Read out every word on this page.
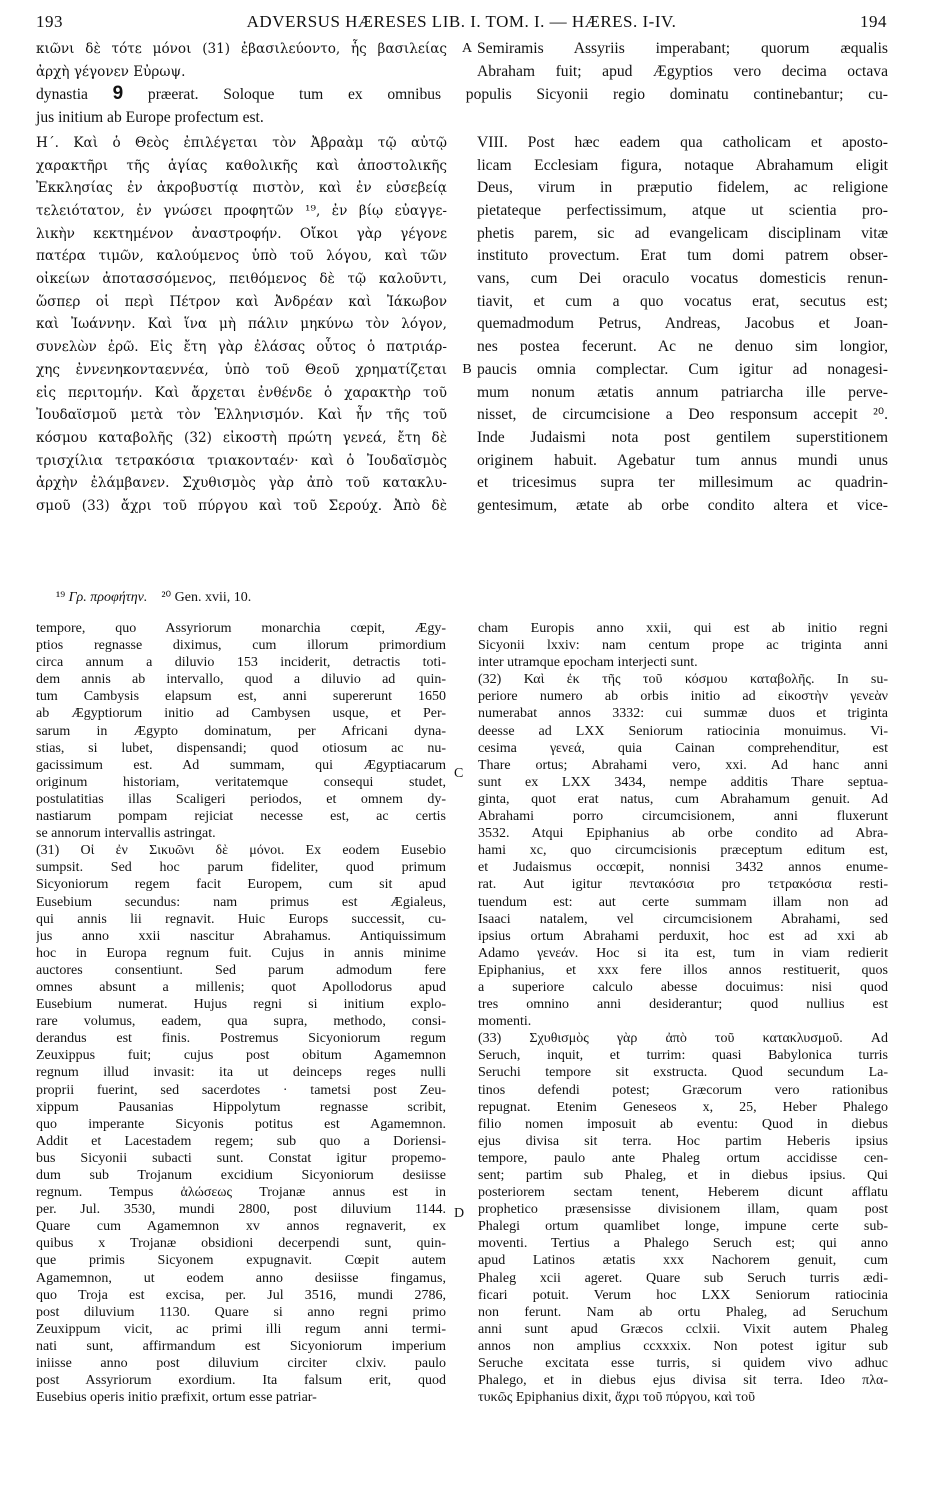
193	ADVERSUS HÆRESES LIB. I. TOM. I. — HÆRES. I-IV.	194
κιῶνι δὲ τότε μόνοι (31) ἐβασιλεύοντο, ἧς βασιλείας	A Semiramis Assyriis imperabant; quorum æqualis
ἀρχὴ γέγονεν Εὐρωψ.	Abraham fuit; apud Ægyptios vero decima octava
dynastia 9 præerat. Soloque tum ex omnibus populis Sicyonii regio dominatu continebantur; cu-
jus initium ab Europe profectum est.
Η΄. Καὶ ὁ Θεὸς ἐπιλέγεται τὸν Ἀβραὰμ τῷ αὐτῷ	VIII. Post hæc eadem qua catholicam et aposto-
χαρακτῆρι τῆς ἁγίας καθολικῆς καὶ ἀποστολικῆς	licam Ecclesiam figura, notaque Abrahamum eligit
Ἐκκλησίας ἐν ἀκροβυστίᾳ πιστὸν, καὶ ἐν εὐσεβείᾳ	Deus, virum in præputio fidelem, ac religione
τελειότατον, ἐν γνώσει προφητῶν ¹⁹, ἐν βίῳ εὐαγγε-	pietateque perfectissimum, atque ut scientia pro-
λικὴν κεκτημένον ἀναστροφήν. Οἴκοι γὰρ γέγονε	phetis parem, sic ad evangelicam disciplinam vitæ
πατέρα τιμῶν, καλούμενος ὑπὸ τοῦ λόγου, καὶ τῶν	instituto provectum. Erat tum domi patrem obser-
οἰκείων ἀποτασσόμενος, πειθόμενος δὲ τῷ καλοῦντι,	vans, cum Dei oraculo vocatus domesticis renun-
ὥσπερ οἱ περὶ Πέτρον καὶ Ἀνδρέαν καὶ Ἰάκωβον	tiavit, et cum a quo vocatus erat, secutus est;
καὶ Ἰωάννην. Καὶ ἵνα μὴ πάλιν μηκύνω τὸν λόγον,	quemadmodum Petrus, Andreas, Jacobus et Joan-
συνελὼν ἐρῶ. Εἰς ἔτη γὰρ ἐλάσας οὗτος ὁ πατριάρ-	nes postea fecerunt. Ac ne denuo sim longior,
χης ἐννενηκονταεννέα, ὑπὸ τοῦ Θεοῦ χρηματίζεται	B paucis omnia complectar. Cum igitur ad nonagesi-
εἰς περιτομήν. Καὶ ἄρχεται ἐνθένδε ὁ χαρακτὴρ τοῦ	mum nonum ætatis annum patriarcha ille perve-
Ἰουδαϊσμοῦ μετὰ τὸν Ἑλληνισμόν. Καὶ ἦν τῆς τοῦ	nisset, de circumcisione a Deo responsum accepit ²⁰.
κόσμου καταβολῆς (32) εἰκοστὴ πρώτη γενεά, ἔτη δὲ	Inde Judaismi nota post gentilem superstitionem
τρισχίλια τετρακόσια τριακονταέν· καὶ ὁ Ἰουδαϊσμὸς	originem habuit. Agebatur tum annus mundi unus
ἀρχὴν ἐλάμβανεν. Σχυθισμὸς γὰρ ἀπὸ τοῦ κατακλυ-	et tricesimus supra ter millesimum ac quadrin-
σμοῦ (33) ἄχρι τοῦ πύργου καὶ τοῦ Σερούχ. Ἀπὸ δὲ	gentesimum, ætate ab orbe condito altera et vice-
¹⁹ Γρ. προφήτην. ²⁰ Gen. xvii, 10.
tempore, quo Assyriorum monarchia cœpit, Ægy-
ptios regnasse diximus, cum illorum primordium
circa annum a diluvio 153 inciderit, detractis toti-
dem annis ab intervallo, quod a diluvio ad quin-
tum Cambysis elapsum est, anni supererunt 1650
ab Ægyptiorum initio ad Cambysen usque, et Per-
sarum in Ægypto dominatum, per Africani dyna-
stias, si lubet, dispensandi; quod otiosum ac nu-
gacissimum est. Ad summam, qui Ægyptiacarum
originum historiam, veritatemque consequi studet,
postulatitias illas Scaligeri periodos, et omnem dy-
nastiarum pompam rejiciat necesse est, ac certis
se annorum intervallis astringat.
(31) Οἱ ἐν Σικυῶνι δὲ μόνοι. Ex eodem Eusebio
sumpsit. Sed hoc parum fideliter, quod primum
Sicyoniorum regem facit Europem, cum sit apud
Eusebium secundus: nam primus est Ægialeus,
qui annis lii regnavit. Huic Europs successit, cu-
jus anno xxii nascitur Abrahamus. Antiquissimum
hoc in Europa regnum fuit. Cujus in annis minime
auctores consentiunt. Sed parum admodum fere
omnes absunt a millenis; quot Apollodorus apud
Eusebium numerat. Hujus regni si initium explo-
rare volumus, eadem, qua supra, methodo, consi-
derandus est finis. Postremus Sicyoniorum regum
Zeuxippus fuit; cujus post obitum Agamemnon
regnum illud invasit: ita ut deinceps reges nulli
proprii fuerint, sed sacerdotes · tametsi post Zeu-
xippum Pausanias Hippolytum regnasse scribit,
quo imperante Sicyonis potitus est Agamemnon.
Addit et Lacestadem regem; sub quo a Doriensi-
bus Sicyonii subacti sunt. Constat igitur propemo-
dum sub Trojanum excidium Sicyoniorum desiisse
regnum. Tempus ἁλώσεως Trojanæ annus est in
per. Jul. 3530, mundi 2800, post diluvium 1144.
Quare cum Agamemnon xv annos regnaverit, ex
quibus x Trojanæ obsidioni decerpendi sunt, quin-
que primis Sicyonem expugnavit. Cœpit autem
Agamemnon, ut eodem anno desiisse fingamus,
quo Troja est excisa, per. Jul 3516, mundi 2786,
post diluvium 1130. Quare si anno regni primo
Zeuxippum vicit, ac primi illi regum anni termi-
nati sunt, affirmandum est Sicyoniorum imperium
iniisse anno post diluvium circiter clxiv. paulo
post Assyriorum exordium. Ita falsum erit, quod
Eusebius operis initio præfixit, ortum esse patriar-
C
D
cham Europis anno xxii, qui est ab initio regni
Sicyonii lxxiv: nam centum prope ac triginta anni
inter utramque epocham interjecti sunt.
(32) Καὶ ἐκ τῆς τοῦ κόσμου καταβολῆς. In su-
periore numero ab orbis initio ad εἰκοστὴν γενεὰν
numerabat annos 3332: cui summæ duos et triginta
deesse ad LXX Seniorum ratiocinia monuimus. Vi-
cesima γενεά, quia Cainan comprehenditur, est
Thare ortus; Abrahami vero, xxi. Ad hanc anni
sunt ex LXX 3434, nempe additis Thare septua-
ginta, quot erat natus, cum Abrahamum genuit. Ad
Abrahami porro circumcisionem, anni fluxerunt
3532. Atqui Epiphanius ab orbe condito ad Abra-
hami xc, quo circumcisionis præceptum editum est,
et Judaismus occœpit, nonnisi 3432 annos enume-
rat. Aut igitur πεντακόσια pro τετρακόσια resti-
tuendum est: aut certe summam illam non ad
Isaaci natalem, vel circumcisionem Abrahami, sed
ipsius ortum Abrahami perduxit, hoc est ad xxi ab
Adamo γενεάν. Hoc si ita est, tum in viam redierit
Epiphanius, et xxx fere illos annos restituerit, quos
a superiore calculo abesse docuimus: nisi quod
tres omnino anni desiderantur; quod nullius est
momenti.
(33) Σχυθισμὸς γὰρ ἀπὸ τοῦ κατακλυσμοῦ. Ad
Seruch, inquit, et turrim: quasi Babylonica turris
Seruchi tempore sit exstructa. Quod secundum La-
tinos defendi potest; Græcorum vero rationibus
repugnat. Etenim Geneseos x, 25, Heber Phalego
filio nomen imposuit ab eventu: Quod in diebus
ejus divisa sit terra. Hoc partim Heberis ipsius
tempore, paulo ante Phaleg ortum accidisse cen-
sent; partim sub Phaleg, et in diebus ipsius. Qui
posteriorem sectam tenent, Heberem dicunt afflatu
prophetico præsensisse divisionem illam, quam post
Phalegi ortum quamlibet longe, impune certe sub-
moventi. Tertius a Phalego Seruch est; qui anno
apud Latinos ætatis xxx Nachorem genuit, cum
Phaleg xcii ageret. Quare sub Seruch turris ædi-
ficari potuit. Verum hoc LXX Seniorum ratiocinia
non ferunt. Nam ab ortu Phaleg, ad Seruchum
anni sunt apud Græcos cclxii. Vixit autem Phaleg
annos non amplius ccxxxix. Non potest igitur sub
Seruche excitata esse turris, si quidem vivo adhuc
Phalego, et in diebus ejus divisa sit terra. Ideo πλα-
τυκῶς Epiphanius dixit, ἄχρι τοῦ πύργου, καὶ τοῦ
